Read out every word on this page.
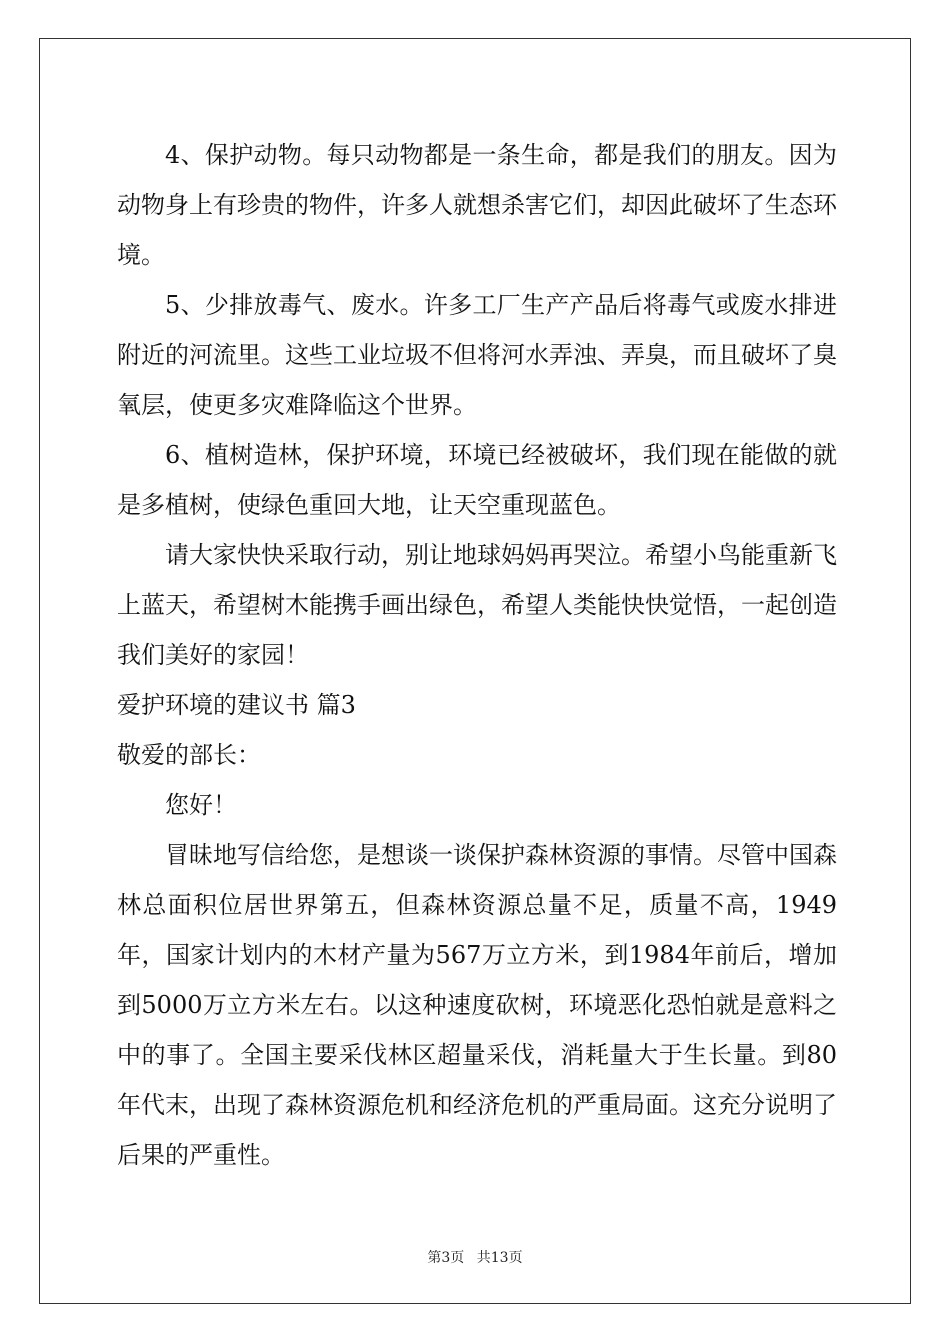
4、保护动物。每只动物都是一条生命，都是我们的朋友。因为动物身上有珍贵的物件，许多人就想杀害它们，却因此破坏了生态环境。

5、少排放毒气、废水。许多工厂生产产品后将毒气或废水排进附近的河流里。这些工业垃圾不但将河水弄浊、弄臭，而且破坏了臭氧层，使更多灾难降临这个世界。

6、植树造林，保护环境，环境已经被破坏，我们现在能做的就是多植树，使绿色重回大地，让天空重现蓝色。

请大家快快采取行动，别让地球妈妈再哭泣。希望小鸟能重新飞上蓝天，希望树木能携手画出绿色，希望人类能快快觉悟，一起创造我们美好的家园！

爱护环境的建议书 篇3

敬爱的部长：

您好！

冒昧地写信给您，是想谈一谈保护森林资源的事情。尽管中国森林总面积位居世界第五，但森林资源总量不足，质量不高，1949年，国家计划内的木材产量为567万立方米，到1984年前后，增加到5000万立方米左右。以这种速度砍树，环境恶化恐怕就是意料之中的事了。全国主要采伐林区超量采伐，消耗量大于生长量。到80年代末，出现了森林资源危机和经济危机的严重局面。这充分说明了后果的严重性。

第3页 共13页
